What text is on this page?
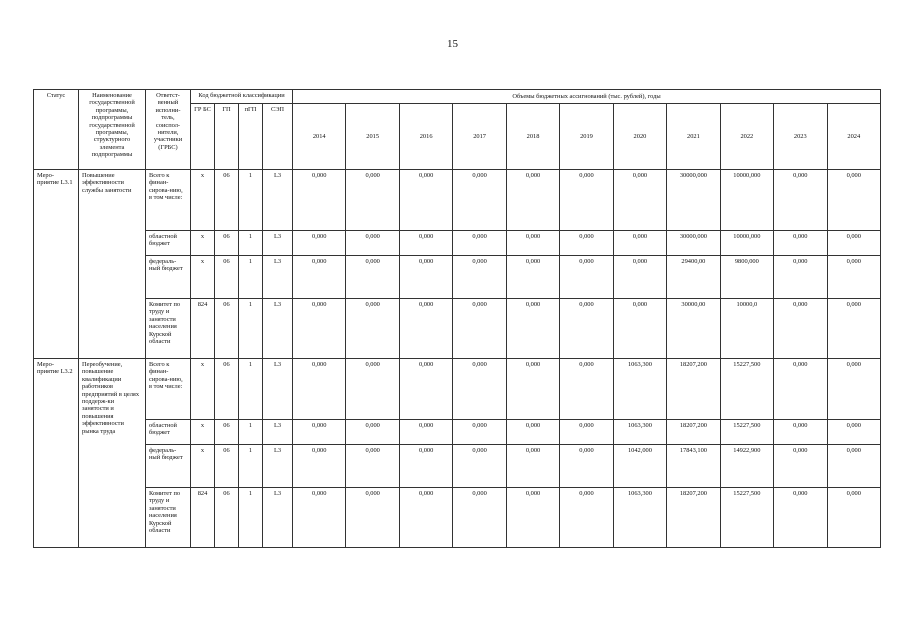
15
Статус	Наименование государственной программы, подпрограммы государственной программы, структурного элемента подпрограммы	Ответст-венный исполни-тель, соиспол-нители, участники (ГРБС)	Код бюджетной классификации				Объемы бюджетных ассигнований (тыс. рублей), годы										
			ГР БС	ГП	пГП	СЭП	2014	2015	2016	2017	2018	2019	2020	2021	2022	2023	2024
Меро-приятие L3.1	Повышение эффективности службы занятости	Всего к финан-сирова-нию, в том числе:	x	06	1	L3	0,000	0,000	0,000	0,000	0,000	0,000	0,000	30000,000	10000,000	0,000	0,000
		областной бюджет	x	06	1	L3	0,000	0,000	0,000	0,000	0,000	0,000	0,000	30000,000	10000,000	0,000	0,000
		федераль-ный бюджет	x	06	1	L3	0,000	0,000	0,000	0,000	0,000	0,000	0,000	29400,00	9800,000	0,000	0,000
		Комитет по труду и занятости населения Курской области	824	06	1	L3	0,000	0,000	0,000	0,000	0,000	0,000	0,000	30000,00	10000,0	0,000	0,000
Меро-приятие L3.2	Переобучение, повышение квалификации работников предприятий в целях поддерж-ки занятости и повышения эффективности рынка труда	Всего к финан-сирова-нию, в том числе:	x	06	1	L3	0,000	0,000	0,000	0,000	0,000	0,000	1063,300	18207,200	15227,500	0,000	0,000
		областной бюджет	x	06	1	L3	0,000	0,000	0,000	0,000	0,000	0,000	1063,300	18207,200	15227,500	0,000	0,000
		федераль-ный бюджет	x	06	1	L3	0,000	0,000	0,000	0,000	0,000	0,000	1042,000	17843,100	14922,900	0,000	0,000
		Комитет по труду и занятости населения Курской области	824	06	1	L3	0,000	0,000	0,000	0,000	0,000	0,000	1063,300	18207,200	15227,500	0,000	0,000
